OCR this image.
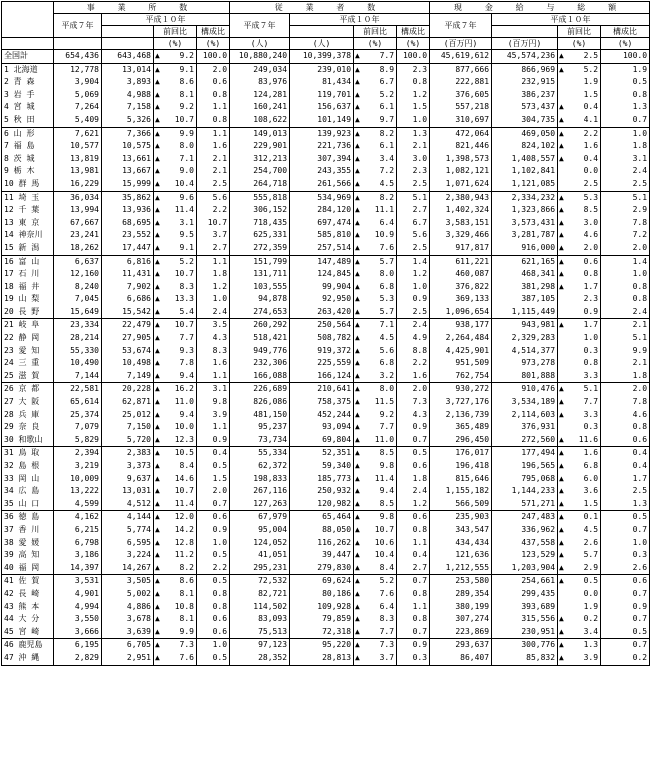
	事 業 所 数				従 業 者 数				現 金 給 与 総 額			
	平成７年	平成１０年			平成７年	平成１０年			平成７年	平成１０年		
			前回比	構成比			前回比	構成比			前回比	構成比
			(%)	(%)	(人)	(人)	(%)	(%)	(百万円)	(百万円)	(%)	(%)
全国計	654,436	643,468	▲ 9.2	100.0	10,880,240	10,399,378	▲ 7.7	100.0	45,619,612	45,574,236	▲ 2.5	100.0
1 北海道	12,778	13,014	▲ 9.1	2.0	249,034	239,010	▲ 8.9	2.3	877,666	866,969	▲ 5.2	1.9
2 青 森	3,904	3,893	▲ 8.6	0.6	83,976	81,434	▲ 6.7	0.8	222,881	232,915	1.9	0.5
3 岩 手	5,069	4,988	▲ 8.1	0.8	124,281	119,701	▲ 5.2	1.2	376,605	386,237	1.5	0.8
4 宮 城	7,264	7,158	▲ 9.2	1.1	160,241	156,637	▲ 6.1	1.5	557,218	573,437	▲ 0.4	1.3
5 秋 田	5,409	5,326	▲ 10.7	0.8	108,622	101,149	▲ 9.7	1.0	310,697	304,735	▲ 4.1	0.7
6 山 形	7,621	7,366	▲ 9.9	1.1	149,013	139,923	▲ 8.2	1.3	472,064	469,050	▲ 2.2	1.0
7 福 島	10,577	10,575	▲ 8.0	1.6	229,901	221,736	▲ 6.1	2.1	821,446	824,102	▲ 1.6	1.8
8 茨 城	13,819	13,661	▲ 7.1	2.1	312,213	307,394	▲ 3.4	3.0	1,398,573	1,408,557	▲ 0.4	3.1
9 栃 木	13,981	13,667	▲ 9.0	2.1	254,700	243,355	▲ 7.2	2.3	1,082,121	1,102,841	0.0	2.4
10 群 馬	16,229	15,999	▲ 10.4	2.5	264,718	261,566	▲ 4.5	2.5	1,071,624	1,121,085	2.5	2.5
11 埼 玉	36,034	35,862	▲ 9.6	5.6	555,818	534,969	▲ 8.2	5.1	2,380,943	2,334,232	▲ 5.3	5.1
12 千 葉	13,994	13,936	▲ 11.4	2.2	306,152	284,120	▲ 11.1	2.7	1,402,324	1,323,866	▲ 8.5	2.9
13 東 京	67,667	68,695	▲ 3.1	10.7	718,435	697,474	▲ 6.4	6.7	3,583,151	3,573,431	▲ 3.0	7.8
14 神奈川	23,241	23,552	▲ 9.5	3.7	625,331	585,810	▲ 10.9	5.6	3,329,466	3,281,787	▲ 4.6	7.2
15 新 潟	18,262	17,447	▲ 9.1	2.7	272,359	257,514	▲ 7.6	2.5	917,817	916,000	▲ 2.0	2.0
16 富 山	6,637	6,816	▲ 5.2	1.1	151,799	147,489	▲ 5.7	1.4	611,221	621,165	▲ 0.6	1.4
17 石 川	12,160	11,431	▲ 10.7	1.8	131,711	124,845	▲ 8.0	1.2	460,087	468,341	▲ 0.8	1.0
18 福 井	8,240	7,902	▲ 8.3	1.2	103,555	99,904	▲ 6.8	1.0	376,822	381,298	▲ 1.7	0.8
19 山 梨	7,045	6,686	▲ 13.3	1.0	94,878	92,950	▲ 5.3	0.9	369,133	387,105	2.3	0.8
20 長 野	15,649	15,542	▲ 5.4	2.4	274,653	263,420	▲ 5.7	2.5	1,096,654	1,115,449	0.9	2.4
21 岐 阜	23,334	22,479	▲ 10.7	3.5	260,292	250,564	▲ 7.1	2.4	938,177	943,981	▲ 1.7	2.1
22 静 岡	28,214	27,905	▲ 7.7	4.3	518,421	508,782	▲ 4.5	4.9	2,264,484	2,329,283	1.0	5.1
23 愛 知	55,330	53,674	▲ 9.3	8.3	949,776	919,372	▲ 5.6	8.8	4,425,901	4,514,377	0.3	9.9
24 三 重	10,490	10,498	▲ 7.8	1.6	232,306	225,559	▲ 6.8	2.2	951,509	973,278	0.8	2.1
25 滋 賀	7,144	7,149	▲ 9.4	1.1	166,088	166,124	▲ 3.2	1.6	762,754	801,888	3.3	1.8
26 京 都	22,581	20,228	▲ 16.2	3.1	226,689	210,641	▲ 8.0	2.0	930,272	910,476	▲ 5.1	2.0
27 大 阪	65,614	62,871	▲ 11.0	9.8	826,086	758,375	▲ 11.5	7.3	3,727,176	3,534,189	▲ 7.7	7.8
28 兵 庫	25,374	25,012	▲ 9.4	3.9	481,150	452,244	▲ 9.2	4.3	2,136,739	2,114,603	▲ 3.3	4.6
29 奈 良	7,079	7,150	▲ 10.0	1.1	95,237	93,094	▲ 7.7	0.9	365,489	376,931	0.3	0.8
30 和歌山	5,829	5,720	▲ 12.3	0.9	73,734	69,804	▲ 11.0	0.7	296,450	272,560	▲ 11.6	0.6
31 鳥 取	2,394	2,383	▲ 10.5	0.4	55,334	52,351	▲ 8.5	0.5	176,017	177,494	▲ 1.6	0.4
32 島 根	3,219	3,373	▲ 8.4	0.5	62,372	59,340	▲ 9.8	0.6	196,418	196,565	▲ 6.8	0.4
33 岡 山	10,009	9,637	▲ 14.6	1.5	198,833	185,773	▲ 11.4	1.8	815,646	795,068	▲ 6.0	1.7
34 広 島	13,222	13,031	▲ 10.7	2.0	267,116	250,932	▲ 9.4	2.4	1,155,182	1,144,233	▲ 3.6	2.5
35 山 口	4,599	4,512	▲ 11.4	0.7	127,263	120,982	▲ 8.5	1.2	566,509	571,271	▲ 1.5	1.3
36 徳 島	4,162	4,144	▲ 12.0	0.6	67,979	65,464	▲ 9.8	0.6	235,903	247,483	▲ 0.1	0.5
37 香 川	6,215	5,774	▲ 14.2	0.9	95,004	88,050	▲ 10.7	0.8	343,547	336,962	▲ 4.5	0.7
38 愛 媛	6,798	6,595	▲ 12.8	1.0	124,052	116,262	▲ 10.6	1.1	434,434	437,558	▲ 2.6	1.0
39 高 知	3,186	3,224	▲ 11.2	0.5	41,051	39,447	▲ 10.4	0.4	121,636	123,529	▲ 5.7	0.3
40 福 岡	14,397	14,267	▲ 8.2	2.2	295,231	279,830	▲ 8.4	2.7	1,212,555	1,203,904	▲ 2.9	2.6
41 佐 賀	3,531	3,505	▲ 8.6	0.5	72,532	69,624	▲ 5.2	0.7	253,580	254,661	▲ 0.5	0.6
42 長 崎	4,901	5,002	▲ 8.1	0.8	82,721	80,186	▲ 7.6	0.8	289,354	299,435	0.0	0.7
43 熊 本	4,994	4,886	▲ 10.8	0.8	114,502	109,928	▲ 6.4	1.1	380,199	393,689	1.9	0.9
44 大 分	3,550	3,678	▲ 8.1	0.6	83,093	79,859	▲ 8.3	0.8	307,274	315,556	▲ 0.2	0.7
45 宮 崎	3,666	3,639	▲ 9.9	0.6	75,513	72,318	▲ 7.7	0.7	223,869	230,951	▲ 3.4	0.5
46 鹿児島	6,195	6,705	▲ 7.3	1.0	97,123	95,220	▲ 7.3	0.9	293,637	300,776	▲ 1.3	0.7
47 沖 縄	2,829	2,951	▲ 7.6	0.5	28,352	28,813	▲ 3.7	0.3	86,407	85,832	▲ 3.9	0.2
